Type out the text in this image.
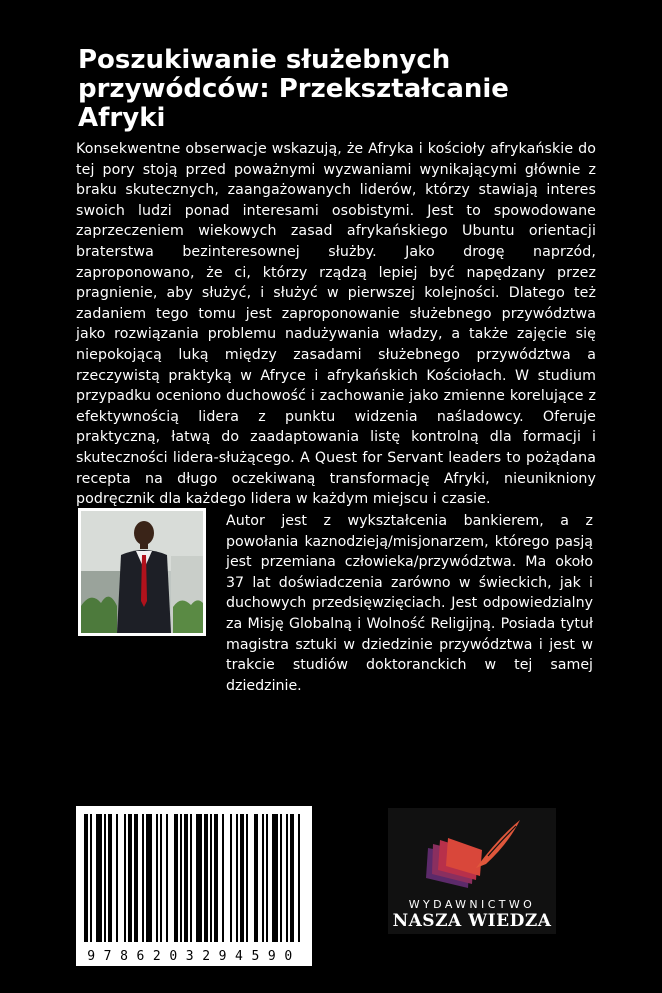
Poszukiwanie służebnych przywódców: Przekształcanie Afryki

Konsekwentne obserwacje wskazują, że Afryka i kościoły afrykańskie do tej pory stoją przed poważnymi wyzwaniami wynikającymi głównie z braku skutecznych, zaangażowanych liderów, którzy stawiają interes swoich ludzi ponad interesami osobistymi. Jest to spowodowane zaprzeczeniem wiekowych zasad afrykańskiego Ubuntu orientacji braterstwa bezinteresownej służby. Jako drogę naprzód, zaproponowano, że ci, którzy rządzą lepiej być napędzany przez pragnienie, aby służyć, i służyć w pierwszej kolejności. Dlatego też zadaniem tego tomu jest zaproponowanie służebnego przywództwa jako rozwiązania problemu nadużywania władzy, a także zajęcie się niepokojącą luką między zasadami służebnego przywództwa a rzeczywistą praktyką w Afryce i afrykańskich Kościołach. W studium przypadku oceniono duchowość i zachowanie jako zmienne korelujące z efektywnością lidera z punktu widzenia naśladowcy. Oferuje praktyczną, łatwą do zaadaptowania listę kontrolną dla formacji i skuteczności lidera-służącego. A Quest for Servant leaders to pożądana recepta na długo oczekiwaną transformację Afryki, nieunikniony podręcznik dla każdego lidera w każdym miejscu i czasie.

Autor jest z wykształcenia bankierem, a z powołania kaznodzieją/misjonarzem, którego pasją jest przemiana człowieka/przywództwa. Ma około 37 lat doświadczenia zarówno w świeckich, jak i duchowych przedsięwzięciach. Jest odpowiedzialny za Misję Globalną i Wolność Religijną. Posiada tytuł magistra sztuki w dziedzinie przywództwa i jest w trakcie studiów doktoranckich w tej samej dziedzinie.

9786203294590
WYDAWNICTWO
NASZA WIEDZA
